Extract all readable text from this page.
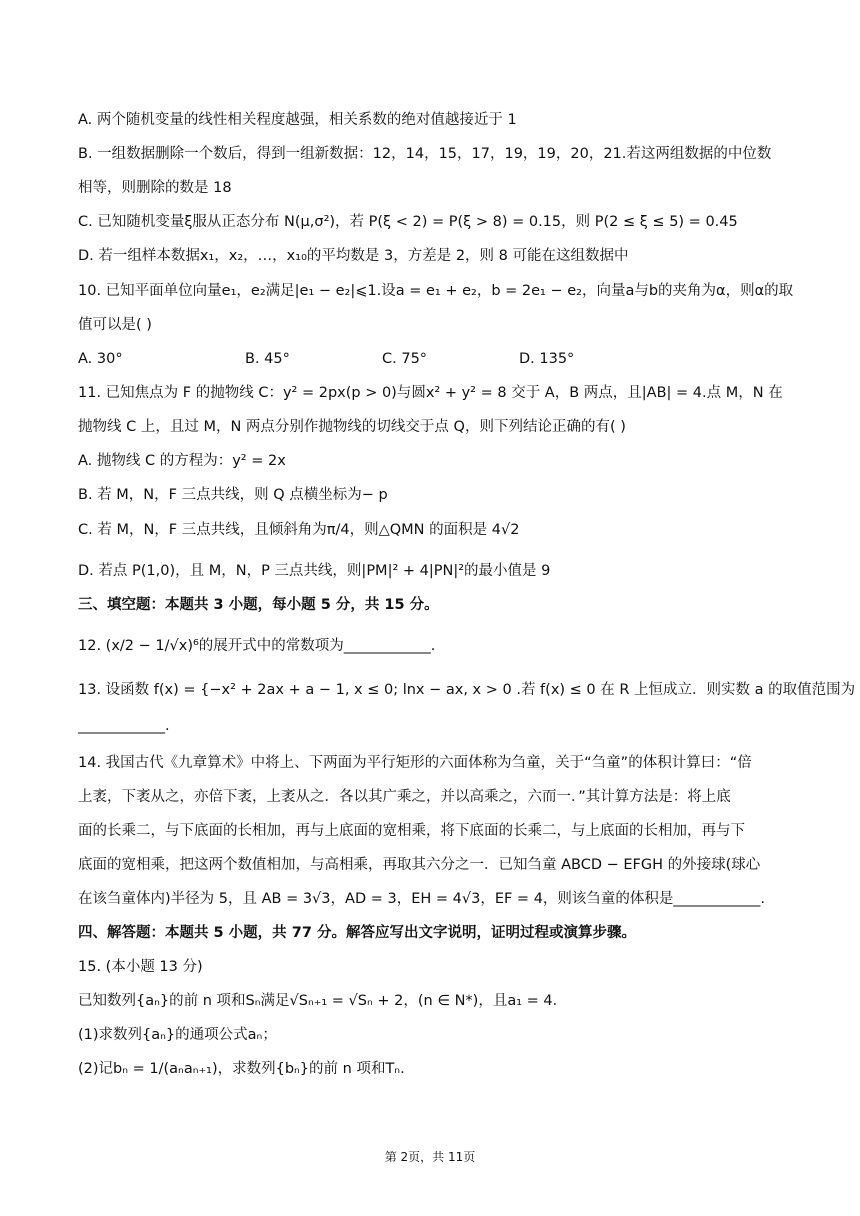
A. 两个随机变量的线性相关程度越强，相关系数的绝对值越接近于 1
B. 一组数据删除一个数后，得到一组新数据：12，14，15，17，19，19，20，21.若这两组数据的中位数
相等，则删除的数是 18
C. 已知随机变量ξ服从正态分布 N(μ,σ²)，若 P(ξ < 2) = P(ξ > 8) = 0.15，则 P(2 ≤ ξ ≤ 5) = 0.45
D. 若一组样本数据x₁，x₂，…，x₁₀的平均数是 3，方差是 2，则 8 可能在这组数据中
10. 已知平面单位向量e₁，e₂满足|e₁ − e₂|⩽1.设a = e₁ + e₂，b = 2e₁ − e₂，向量a与b的夹角为α，则α的取
值可以是( )
A. 30°	B. 45°	C. 75°	D. 135°
11. 已知焦点为 F 的抛物线 C：y² = 2px(p > 0)与圆x² + y² = 8 交于 A，B 两点，且|AB| = 4.点 M，N 在
抛物线 C 上，且过 M，N 两点分别作抛物线的切线交于点 Q，则下列结论正确的有( )
A. 抛物线 C 的方程为：y² = 2x
B. 若 M，N，F 三点共线，则 Q 点横坐标为− p
C. 若 M，N，F 三点共线，且倾斜角为π/4，则△QMN 的面积是 4√2
D. 若点 P(1,0)，且 M，N，P 三点共线，则|PM|² + 4|PN|²的最小值是 9
三、填空题：本题共 3 小题，每小题 5 分，共 15 分。
12. (x/2 − 1/√x)⁶的展开式中的常数项为____________.
13. 设函数 f(x) = {−x² + 2ax + a − 1, x ≤ 0; lnx − ax, x > 0 .若 f(x) ≤ 0 在 R 上恒成立．则实数 a 的取值范围为
____________.
14. 我国古代《九章算术》中将上、下两面为平行矩形的六面体称为刍童，关于“刍童”的体积计算曰：“倍
上袤，下袤从之，亦倍下袤，上袤从之．各以其广乘之，并以高乘之，六而一．”其计算方法是：将上底
面的长乘二，与下底面的长相加，再与上底面的宽相乘，将下底面的长乘二，与上底面的长相加，再与下
底面的宽相乘，把这两个数值相加，与高相乘，再取其六分之一．已知刍童 ABCD − EFGH 的外接球(球心
在该刍童体内)半径为 5，且 AB = 3√3，AD = 3，EH = 4√3，EF = 4，则该刍童的体积是____________.
四、解答题：本题共 5 小题，共 77 分。解答应写出文字说明，证明过程或演算步骤。
15. (本小题 13 分)
已知数列{aₙ}的前 n 项和Sₙ满足√Sₙ₊₁ = √Sₙ + 2，(n ∈ N*)，且a₁ = 4．
(1)求数列{aₙ}的通项公式aₙ；
(2)记bₙ = 1/(aₙaₙ₊₁)，求数列{bₙ}的前 n 项和Tₙ.
第 2页，共 11页
